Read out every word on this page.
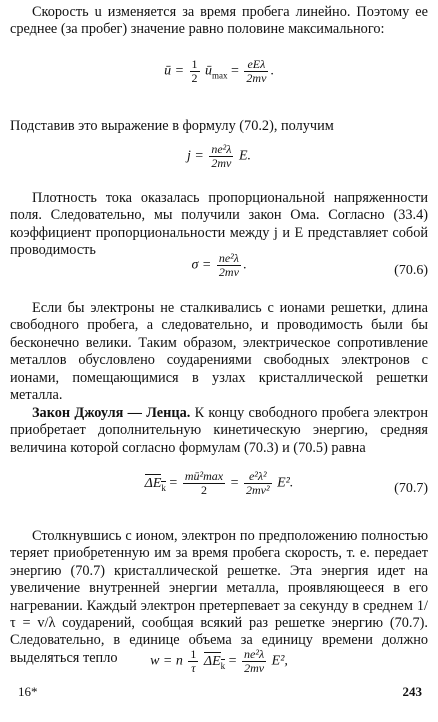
Скорость u изменяется за время пробега линейно. Поэтому ее среднее (за пробег) значение равно половине максимального:

ū = $\frac{1}{2}$ $ū_{max} = \frac{\text{eEλ}}{2mv}$ .

Подставив это выражение в формулу (70.2), получим

$j = \frac{\text{ne²λ}}{2mv} E$.

Плотность тока оказалась пропорциональной напряженности поля. Следовательно, мы получили закон Ома. Согласно (33.4) коэффициент пропорциональности между j и E представляет собой проводимость

$\sigma = \frac{\text{ne²λ}}{2mv}$ .	(70.6)

Если бы электроны не сталкивались с ионами решетки, длина свободного пробега, а следовательно, и проводимость были бы бесконечно велики. Таким образом, электрическое сопротивление металлов обусловлено соударениями свободных электронов с ионами, помещающимися в узлах кристаллической решетки металла.

Закон Джоуля — Ленца. К концу свободного пробега электрон приобретает дополнительную кинетическую энергию, средняя величина которой согласно формулам (70.3) и (70.5) равна

$\Delta E_k = \frac{\text{mū²max}}{2} = \frac{\text{e²λ²}}{\text{2mv²}} E^2$.	(70.7)

Столкнувшись с ионом, электрон по предположению полностью теряет приобретенную им за время пробега скорость, т. е. передает энергию (70.7) кристаллической решетке. Эта энергия идет на увеличение внутренней энергии металла, проявляющееся в его нагревании. Каждый электрон претерпевает за секунду в среднем 1/τ = v/λ соударений, сообщая всякий раз решетке энергию (70.7). Следовательно, в единице объема за единицу времени должно выделяться тепло	w = n $\frac{1}{\tau} \Delta E_k = \frac{\text{ne²λ}}{2mv} E^2$,
16*	243
